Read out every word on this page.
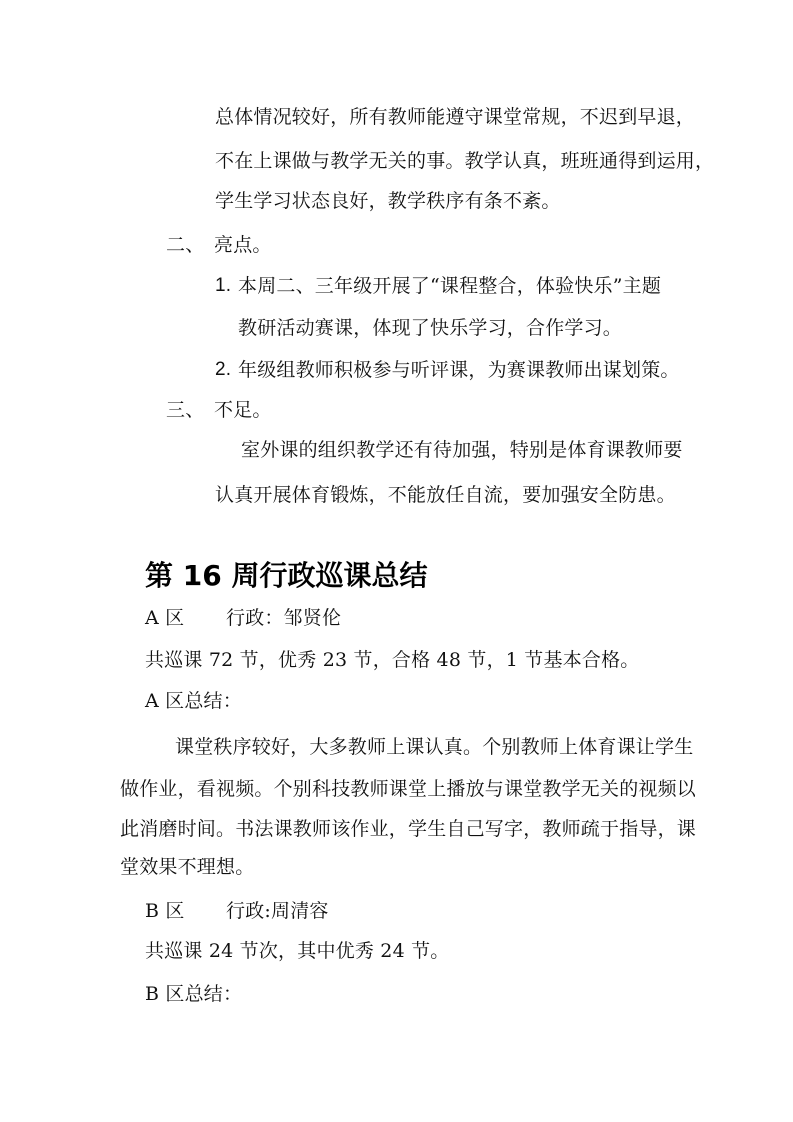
总体情况较好，所有教师能遵守课堂常规，不迟到早退，
不在上课做与教学无关的事。教学认真，班班通得到运用，
学生学习状态良好，教学秩序有条不紊。
二、 亮点。
1. 本周二、三年级开展了“课程整合，体验快乐”主题
教研活动赛课，体现了快乐学习，合作学习。
2. 年级组教师积极参与听评课，为赛课教师出谋划策。
三、 不足。
室外课的组织教学还有待加强，特别是体育课教师要
认真开展体育锻炼，不能放任自流，要加强安全防患。
第 16 周行政巡课总结
A 区 行政：邹贤伦
共巡课 72 节，优秀 23 节，合格 48 节，1 节基本合格。
A 区总结：
课堂秩序较好，大多教师上课认真。个别教师上体育课让学生
做作业，看视频。个别科技教师课堂上播放与课堂教学无关的视频以
此消磨时间。书法课教师该作业，学生自己写字，教师疏于指导，课
堂效果不理想。
B 区 行政:周清容
共巡课 24 节次，其中优秀 24 节。
B 区总结：
